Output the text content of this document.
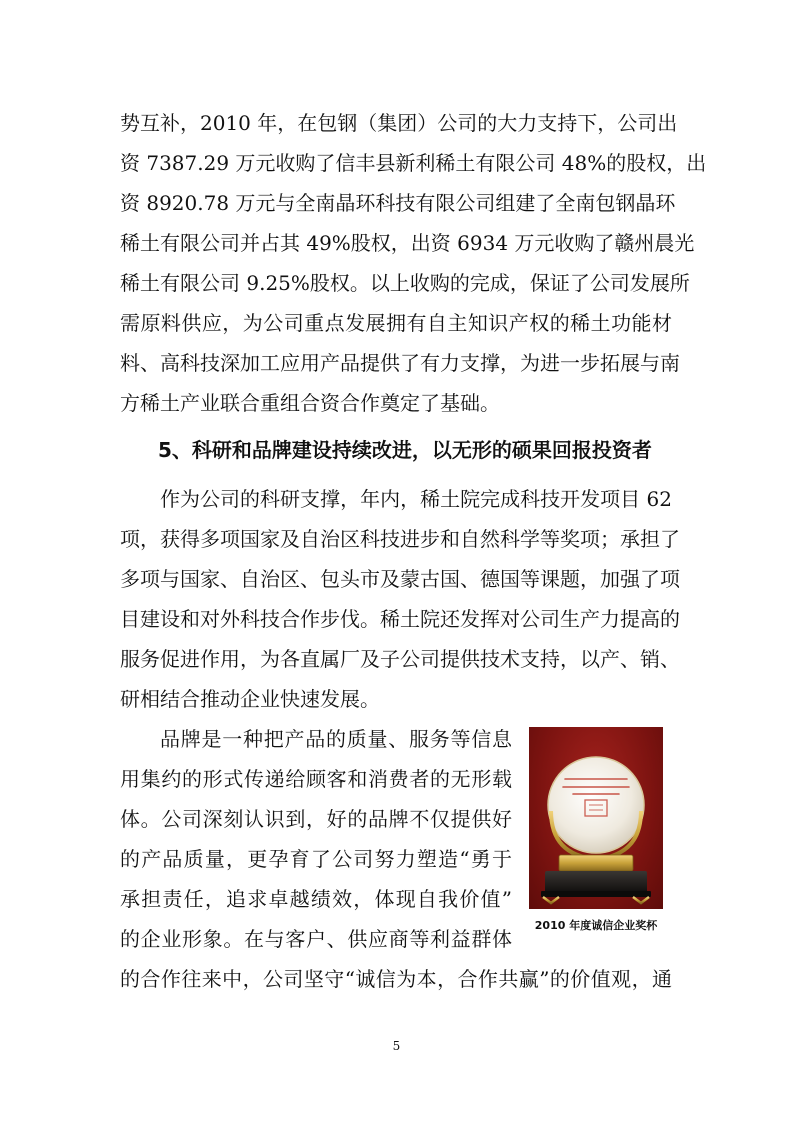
势互补，2010 年，在包钢（集团）公司的大力支持下，公司出
资 7387.29 万元收购了信丰县新利稀土有限公司 48%的股权，出
资 8920.78 万元与全南晶环科技有限公司组建了全南包钢晶环
稀土有限公司并占其 49%股权，出资 6934 万元收购了赣州晨光
稀土有限公司 9.25%股权。以上收购的完成，保证了公司发展所
需原料供应，为公司重点发展拥有自主知识产权的稀土功能材
料、高科技深加工应用产品提供了有力支撑，为进一步拓展与南
方稀土产业联合重组合资合作奠定了基础。
5、科研和品牌建设持续改进，以无形的硕果回报投资者
作为公司的科研支撑，年内，稀土院完成科技开发项目 62
项，获得多项国家及自治区科技进步和自然科学等奖项；承担了
多项与国家、自治区、包头市及蒙古国、德国等课题，加强了项
目建设和对外科技合作步伐。稀土院还发挥对公司生产力提高的
服务促进作用，为各直属厂及子公司提供技术支持，以产、销、
研相结合推动企业快速发展。
品牌是一种把产品的质量、服务等信息
用集约的形式传递给顾客和消费者的无形载
体。公司深刻认识到，好的品牌不仅提供好
的产品质量，更孕育了公司努力塑造“勇于
承担责任，追求卓越绩效，体现自我价值”
的企业形象。在与客户、供应商等利益群体
的合作往来中，公司坚守“诚信为本，合作共赢”的价值观，通
2010 年度诚信企业奖杯
5
